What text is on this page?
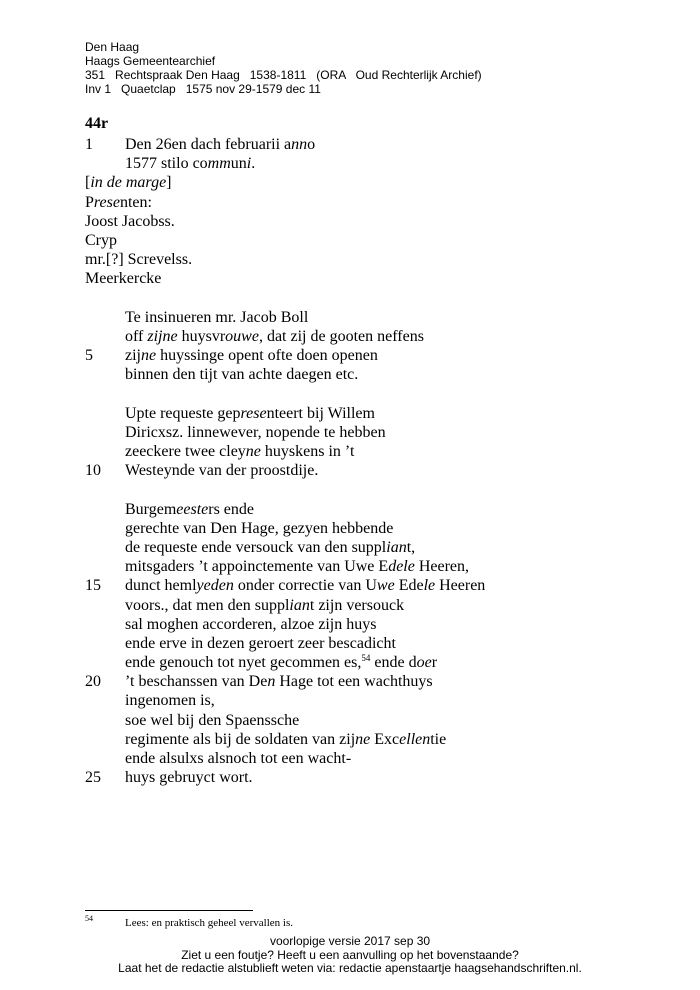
Den Haag
Haags Gemeentearchief
351   Rechtspraak Den Haag   1538-1811   (ORA   Oud Rechterlijk Archief)
Inv 1   Quaetclap   1575 nov 29-1579 dec 11
44r
1	Den 26en dach februarii anno
1577 stilo communi.
[in de marge]
Presenten:
Joost Jacobss.
Cryp
mr.[?] Screvelss.
Meerkercke
Te insinueren mr. Jacob Boll
off zijne huysvrouwe, dat zij de gooten neffens
5	zijne huyssinge opent ofte doen openen
binnen den tijt van achte daegen etc.
Upte requeste gepresenteert bij Willem
Diricxsz. linnewever, nopende te hebben
zeeckere twee cleyne huyskens in ’t
10	Westeynde van der proostdije.
Burgemeesters ende
gerechte van Den Hage, gezyen hebbende
de requeste ende versouck van den suppliant,
mitsgaders ’t appoinctemente van Uwe Edele Heeren,
15	dunct hemlyeden onder correctie van Uwe Edele Heeren
voors., dat men den suppliant zijn versouck
sal moghen accorderen, alzoe zijn huys
ende erve in dezen geroert zeer bescadicht
ende genouch tot nyet gecommen es,$^{54}$ ende doer
20	’t beschanssen van Den Hage tot een wachthuys
ingenomen is,
soe wel bij den Spaenssche
regimente als bij de soldaten van zijne Excellentie
ende alsulxs alsnoch tot een wacht-
25	huys gebruyct wort.
54	Lees: en praktisch geheel vervallen is.
voorlopige versie 2017 sep 30
Ziet u een foutje? Heeft u een aanvulling op het bovenstaande?
Laat het de redactie alstublieft weten via: redactie apenstaartje haagsehandschriften.nl.
